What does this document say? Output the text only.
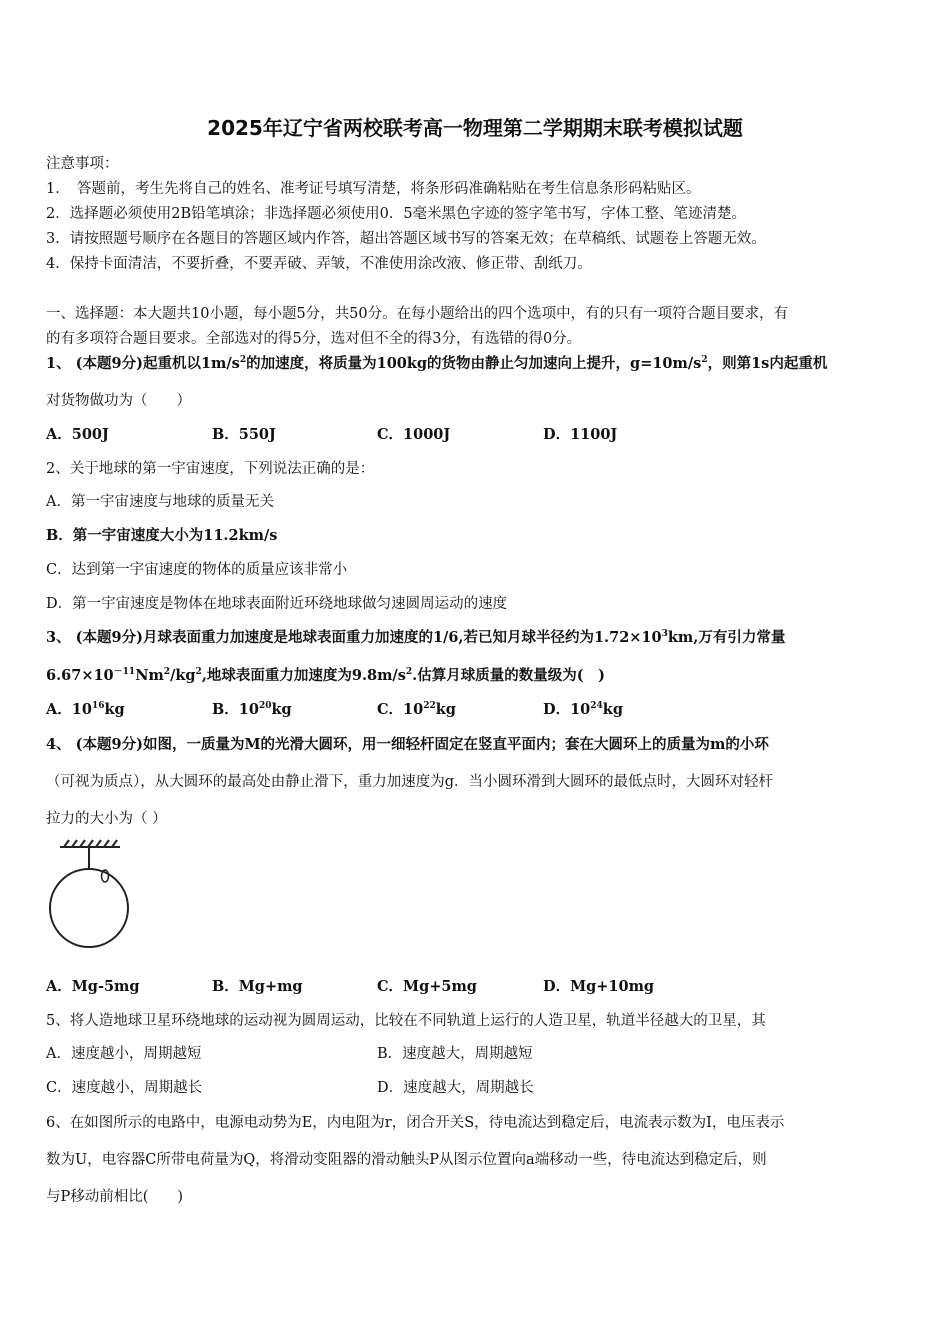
2025年辽宁省两校联考高一物理第二学期期末联考模拟试题
注意事项：
1．　答题前，考生先将自己的姓名、准考证号填写清楚，将条形码准确粘贴在考生信息条形码粘贴区。
2．选择题必须使用2B铅笔填涂；非选择题必须使用0．5毫米黑色字迹的签字笔书写，字体工整、笔迹清楚。
3．请按照题号顺序在各题目的答题区域内作答，超出答题区域书写的答案无效；在草稿纸、试题卷上答题无效。
4．保持卡面清洁，不要折叠，不要弄破、弄皱，不准使用涂改液、修正带、刮纸刀。
一、选择题：本大题共10小题，每小题5分，共50分。在每小题给出的四个选项中，有的只有一项符合题目要求，有
的有多项符合题目要求。全部选对的得5分，选对但不全的得3分，有选错的得0分。
1、 (本题9分)起重机以$1m/s^2$的加速度，将质量为100kg的货物由静止匀加速向上提升，$g=10m/s^2$，则第1s内起重机
对货物做功为（　　）
A．500J	B．550J	C．1000J	D．1100J
2、关于地球的第一宇宙速度，下列说法正确的是：
A．第一宇宙速度与地球的质量无关
B．第一宇宙速度大小为11.2km/s
C．达到第一宇宙速度的物体的质量应该非常小
D．第一宇宙速度是物体在地球表面附近环绕地球做匀速圆周运动的速度
3、 (本题9分)月球表面重力加速度是地球表面重力加速度的1/6,若已知月球半径约为$1.72\times 10^3km$,万有引力常量
$6.67\times 10^{-11}Nm^2/kg^2$,地球表面重力加速度为$9.8m/s^2$.估算月球质量的数量级为(　)
A．$10^{16}kg$	B．$10^{20}kg$	C．$10^{22}kg$	D．$10^{24}kg$
4、 (本题9分)如图，一质量为M的光滑大圆环，用一细轻杆固定在竖直平面内；套在大圆环上的质量为m的小环
（可视为质点），从大圆环的最高处由静止滑下，重力加速度为g．当小圆环滑到大圆环的最低点时，大圆环对轻杆
拉力的大小为（ ）
A．Mg-5mg	B．Mg+mg	C．Mg+5mg	D．Mg+10mg
5、将人造地球卫星环绕地球的运动视为圆周运动，比较在不同轨道上运行的人造卫星，轨道半径越大的卫星，其
A．速度越小，周期越短	B．速度越大，周期越短
C．速度越小，周期越长	D．速度越大，周期越长
6、在如图所示的电路中，电源电动势为E，内电阻为r，闭合开关S，待电流达到稳定后，电流表示数为I，电压表示
数为U，电容器C所带电荷量为Q，将滑动变阻器的滑动触头P从图示位置向a端移动一些，待电流达到稳定后，则
与P移动前相比(　　)
